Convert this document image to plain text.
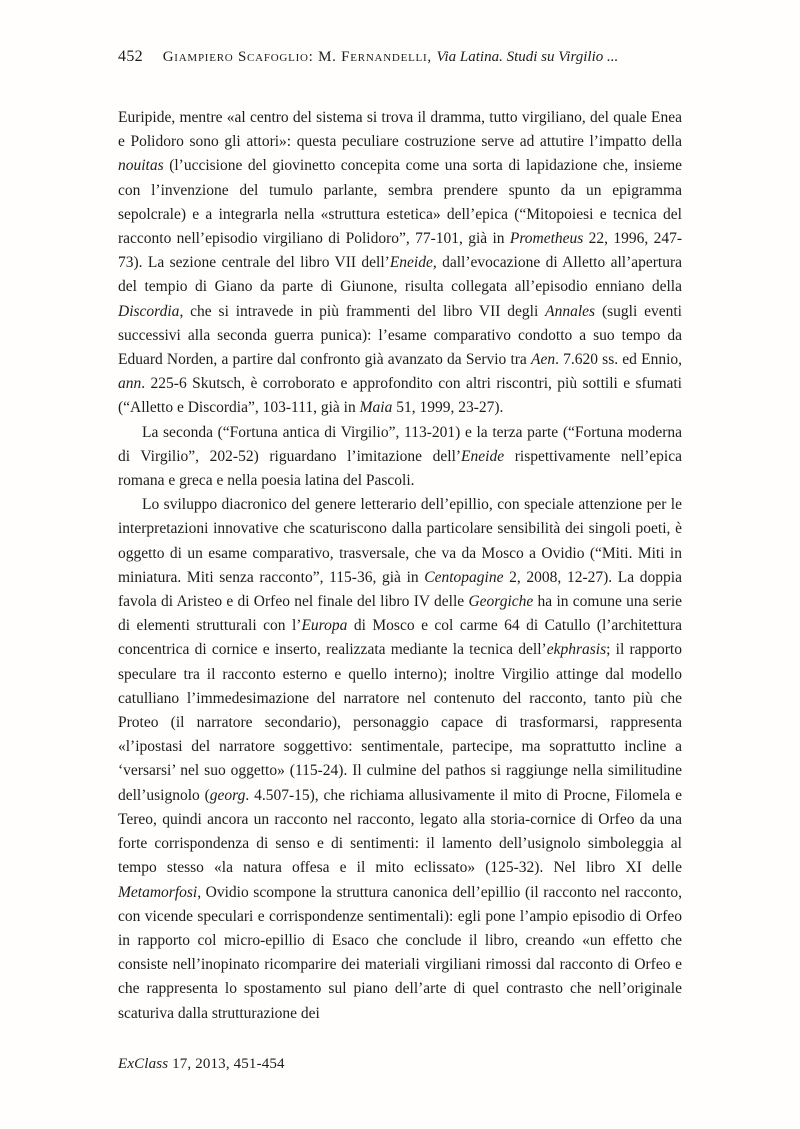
452 Giampiero Scafoglio: M. Fernandelli, Via Latina. Studi su Virgilio ...

Euripide, mentre «al centro del sistema si trova il dramma, tutto virgiliano, del quale Enea e Polidoro sono gli attori»: questa peculiare costruzione serve ad attutire l’impatto della nouitas (l’uccisione del giovinetto concepita come una sorta di lapidazione che, insieme con l’invenzione del tumulo parlante, sembra prendere spunto da un epigramma sepolcrale) e a integrarla nella «struttura estetica» dell’epica (“Mitopoiesi e tecnica del racconto nell’episodio virgiliano di Polidoro”, 77-101, già in Prometheus 22, 1996, 247-73). La sezione centrale del libro VII dell’Eneide, dall’evocazione di Alletto all’apertura del tempio di Giano da parte di Giunone, risulta collegata all’episodio enniano della Discordia, che si intravede in più frammenti del libro VII degli Annales (sugli eventi successivi alla seconda guerra punica): l’esame comparativo condotto a suo tempo da Eduard Norden, a partire dal confronto già avanzato da Servio tra Aen. 7.620 ss. ed Ennio, ann. 225-6 Skutsch, è corroborato e approfondito con altri riscontri, più sottili e sfumati (“Alletto e Discordia”, 103-111, già in Maia 51, 1999, 23-27).

La seconda (“Fortuna antica di Virgilio”, 113-201) e la terza parte (“Fortuna moderna di Virgilio”, 202-52) riguardano l’imitazione dell’Eneide rispettivamente nell’epica romana e greca e nella poesia latina del Pascoli.

Lo sviluppo diacronico del genere letterario dell’epillio, con speciale attenzione per le interpretazioni innovative che scaturiscono dalla particolare sensibilità dei singoli poeti, è oggetto di un esame comparativo, trasversale, che va da Mosco a Ovidio (“Miti. Miti in miniatura. Miti senza racconto”, 115-36, già in Centopagine 2, 2008, 12-27). La doppia favola di Aristeo e di Orfeo nel finale del libro IV delle Georgiche ha in comune una serie di elementi strutturali con l’Europa di Mosco e col carme 64 di Catullo (l’architettura concentrica di cornice e inserto, realizzata mediante la tecnica dell’ekphrasis; il rapporto speculare tra il racconto esterno e quello interno); inoltre Virgilio attinge dal modello catulliano l’immedesimazione del narratore nel contenuto del racconto, tanto più che Proteo (il narratore secondario), personaggio capace di trasformarsi, rappresenta «l’ipostasi del narratore soggettivo: sentimentale, partecipe, ma soprattutto incline a ‘versarsi’ nel suo oggetto» (115-24). Il culmine del pathos si raggiunge nella similitudine dell’usignolo (georg. 4.507-15), che richiama allusivamente il mito di Procne, Filomela e Tereo, quindi ancora un racconto nel racconto, legato alla storia-cornice di Orfeo da una forte corrispondenza di senso e di sentimenti: il lamento dell’usignolo simboleggia al tempo stesso «la natura offesa e il mito eclissato» (125-32). Nel libro XI delle Metamorfosi, Ovidio scompone la struttura canonica dell’epillio (il racconto nel racconto, con vicende speculari e corrispondenze sentimentali): egli pone l’ampio episodio di Orfeo in rapporto col micro-epillio di Esaco che conclude il libro, creando «un effetto che consiste nell’inopinato ricomparire dei materiali virgiliani rimossi dal racconto di Orfeo e che rappresenta lo spostamento sul piano dell’arte di quel contrasto che nell’originale scaturiva dalla strutturazione dei

ExClass 17, 2013, 451-454
